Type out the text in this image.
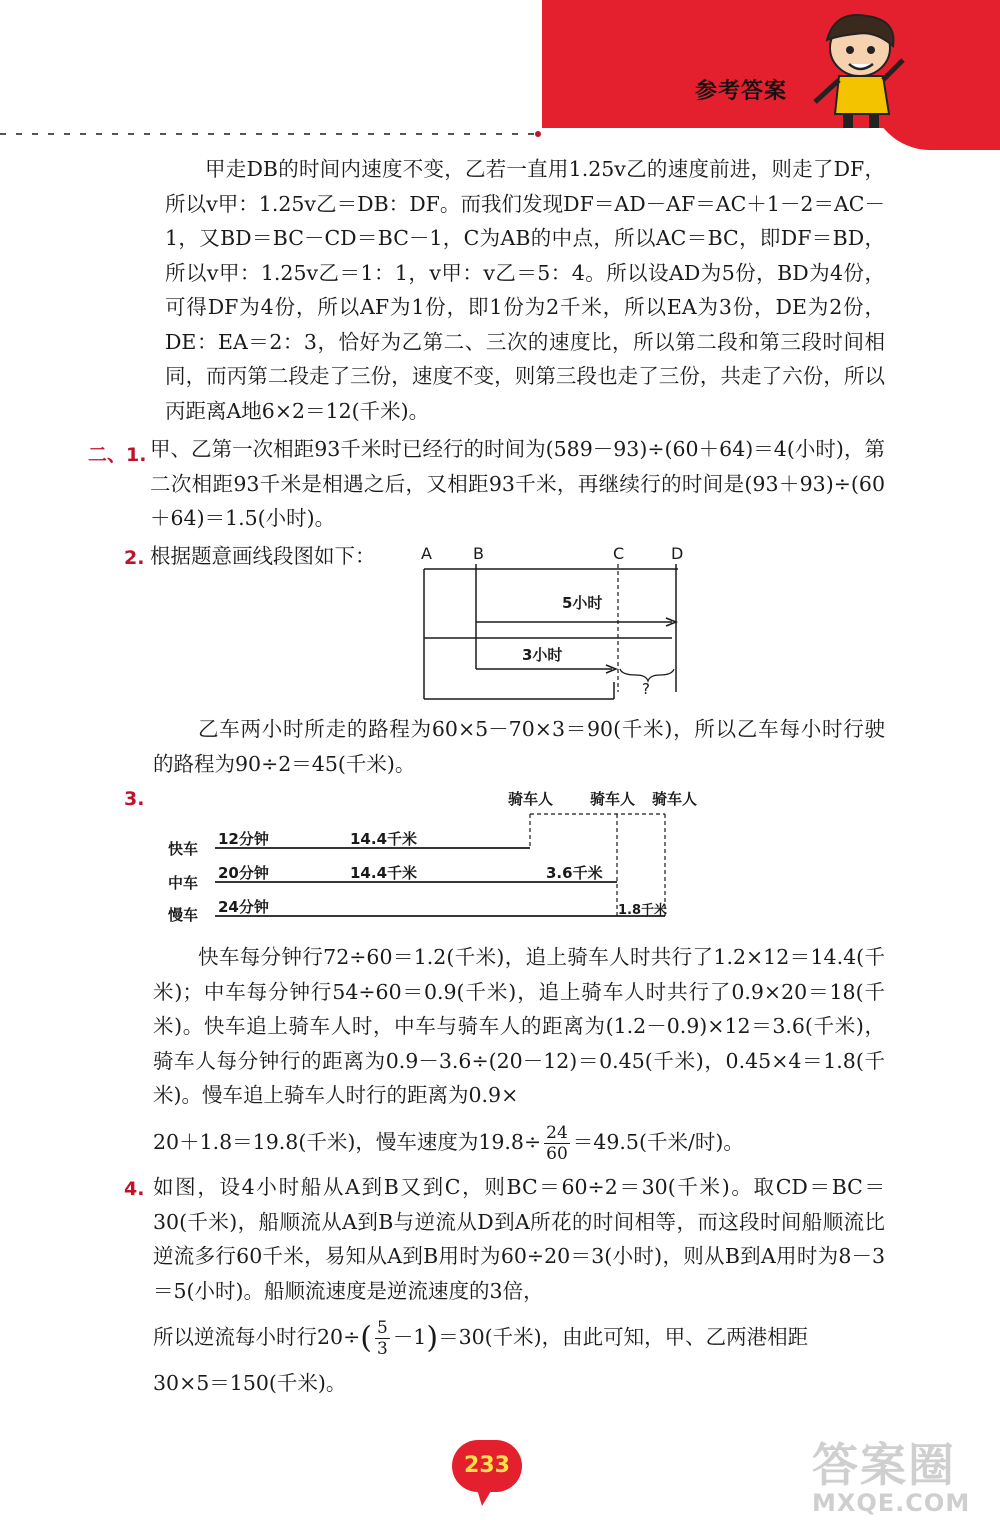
参考答案
甲走DB的时间内速度不变，乙若一直用1.25v乙的速度前进，则走了DF，所以v甲：1.25v乙＝DB：DF。而我们发现DF＝AD－AF＝AC＋1－2＝AC－1，又BD＝BC－CD＝BC－1，C为AB的中点，所以AC＝BC，即DF＝BD，所以v甲：1.25v乙＝1：1，v甲：v乙＝5：4。所以设AD为5份，BD为4份，可得DF为4份，所以AF为1份，即1份为2千米，所以EA为3份，DE为2份，DE：EA＝2：3，恰好为乙第二、三次的速度比，所以第二段和第三段时间相同，而丙第二段走了三份，速度不变，则第三段也走了三份，共走了六份，所以丙距离A地6×2＝12(千米)。
二、1. 甲、乙第一次相距93千米时已经行的时间为(589－93)÷(60＋64)＝4(小时)，第二次相距93千米是相遇之后，又相距93千米，再继续行的时间是(93＋93)÷(60＋64)＝1.5(小时)。
2. 根据题意画线段图如下：	A	B	C	D
5小时
3小时
?
乙车两小时所走的路程为60×5－70×3＝90(千米)，所以乙车每小时行驶的路程为90÷2＝45(千米)。
3.	骑车人 骑车人 骑车人
快车
12分钟	14.4千米
中车
20分钟	14.4千米	3.6千米
慢车 24分钟	1.8千米
快车每分钟行72÷60＝1.2(千米)，追上骑车人时共行了1.2×12＝14.4(千米)；中车每分钟行54÷60＝0.9(千米)，追上骑车人时共行了0.9×20＝18(千米)。快车追上骑车人时，中车与骑车人的距离为(1.2－0.9)×12＝3.6(千米)，骑车人每分钟行的距离为0.9－3.6÷(20－12)＝0.45(千米)，0.45×4＝1.8(千米)。慢车追上骑车人时行的距离为0.9×
20＋1.8＝19.8(千米)，慢车速度为$19.8\div \frac{24}{60} =49.5$(千米/时)。
4. 如图，设4小时船从A到B又到C，则BC＝60÷2＝30(千米)。取CD＝BC＝30(千米)，船顺流从A到B与逆流从D到A所花的时间相等，而这段时间船顺流比逆流多行60千米，易知从A到B用时为60÷20＝3(小时)，则从B到A用时为8－3＝5(小时)。船顺流速度是逆流速度的3倍，
所以逆流每小时行$20\div( \frac{5}{3} -1)=30$(千米)，由此可知，甲、乙两港相距
30×5＝150(千米)。
233	答案圈
MXQE.COM
